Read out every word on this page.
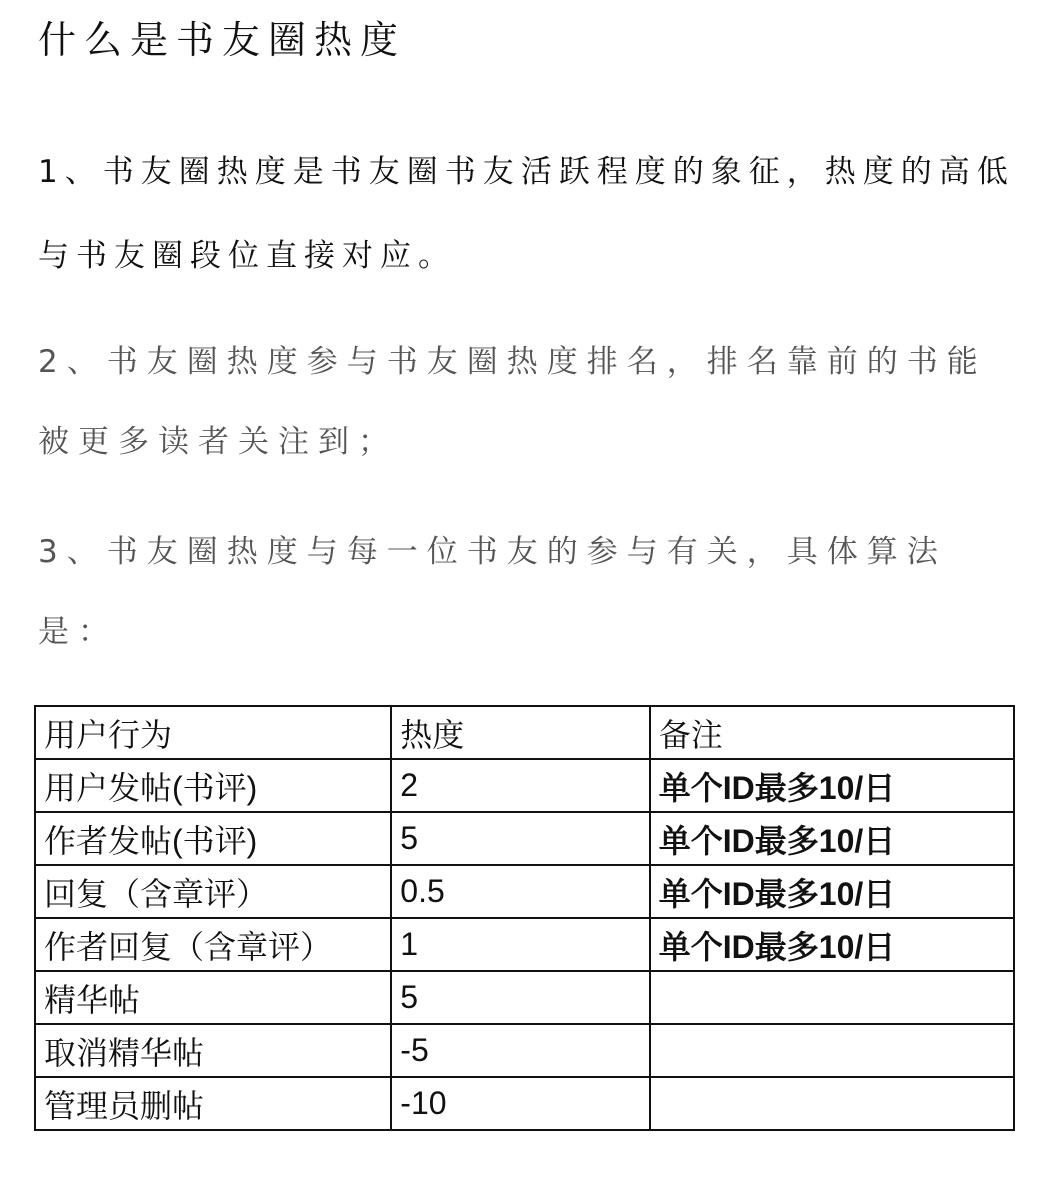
什么是书友圈热度

1、书友圈热度是书友圈书友活跃程度的象征，热度的高低与书友圈段位直接对应。

2、书友圈热度参与书友圈热度排名，排名靠前的书能被更多读者关注到；

3、书友圈热度与每一位书友的参与有关，具体算法是：

用户行为	热度	备注
用户发帖(书评)	2	单个ID最多10/日
作者发帖(书评)	5	单个ID最多10/日
回复（含章评）	0.5	单个ID最多10/日
作者回复（含章评）	1	单个ID最多10/日
精华帖	5	
取消精华帖	-5	
管理员删帖	-10	
